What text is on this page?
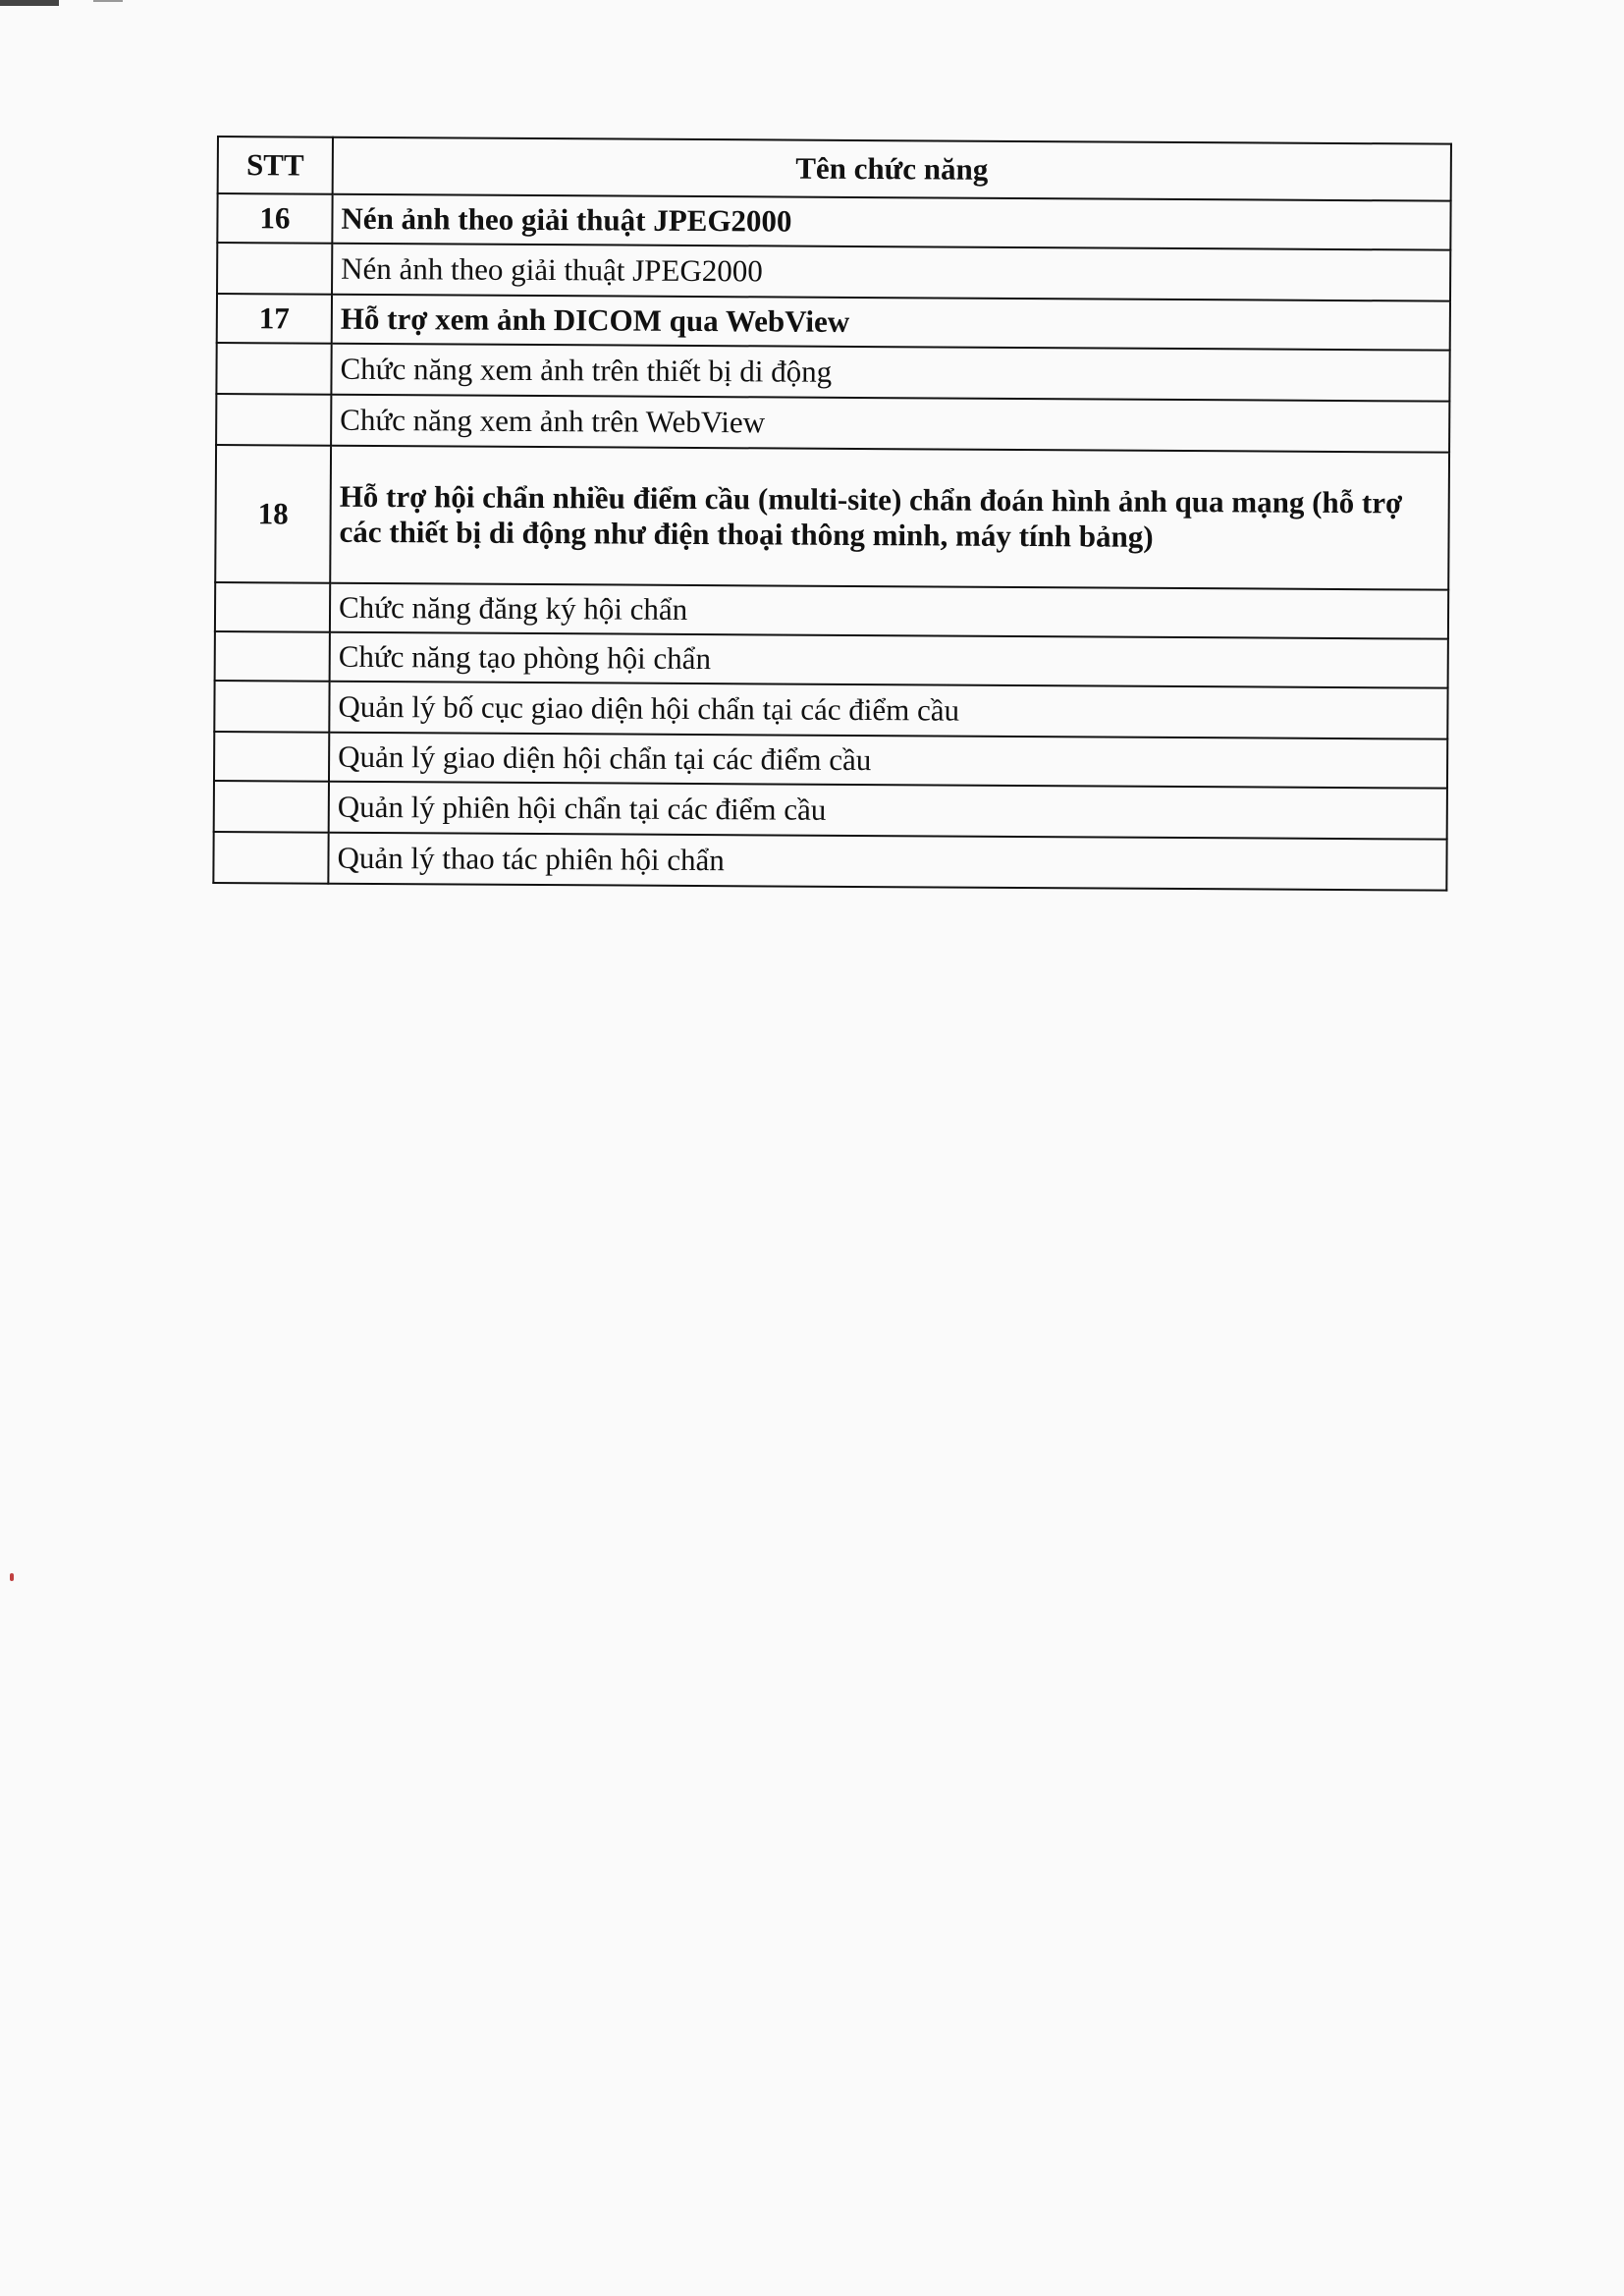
STT	Tên chức năng
16	Nén ảnh theo giải thuật JPEG2000
	Nén ảnh theo giải thuật JPEG2000
17	Hỗ trợ xem ảnh DICOM qua WebView
	Chức năng xem ảnh trên thiết bị di động
	Chức năng xem ảnh trên WebView
18	Hỗ trợ hội chẩn nhiều điểm cầu (multi-site) chẩn đoán hình ảnh qua mạng (hỗ trợ các thiết bị di động như điện thoại thông minh, máy tính bảng)
	Chức năng đăng ký hội chẩn
	Chức năng tạo phòng hội chẩn
	Quản lý bố cục giao diện hội chẩn tại các điểm cầu
	Quản lý giao diện hội chẩn tại các điểm cầu
	Quản lý phiên hội chẩn tại các điểm cầu
	Quản lý thao tác phiên hội chẩn
